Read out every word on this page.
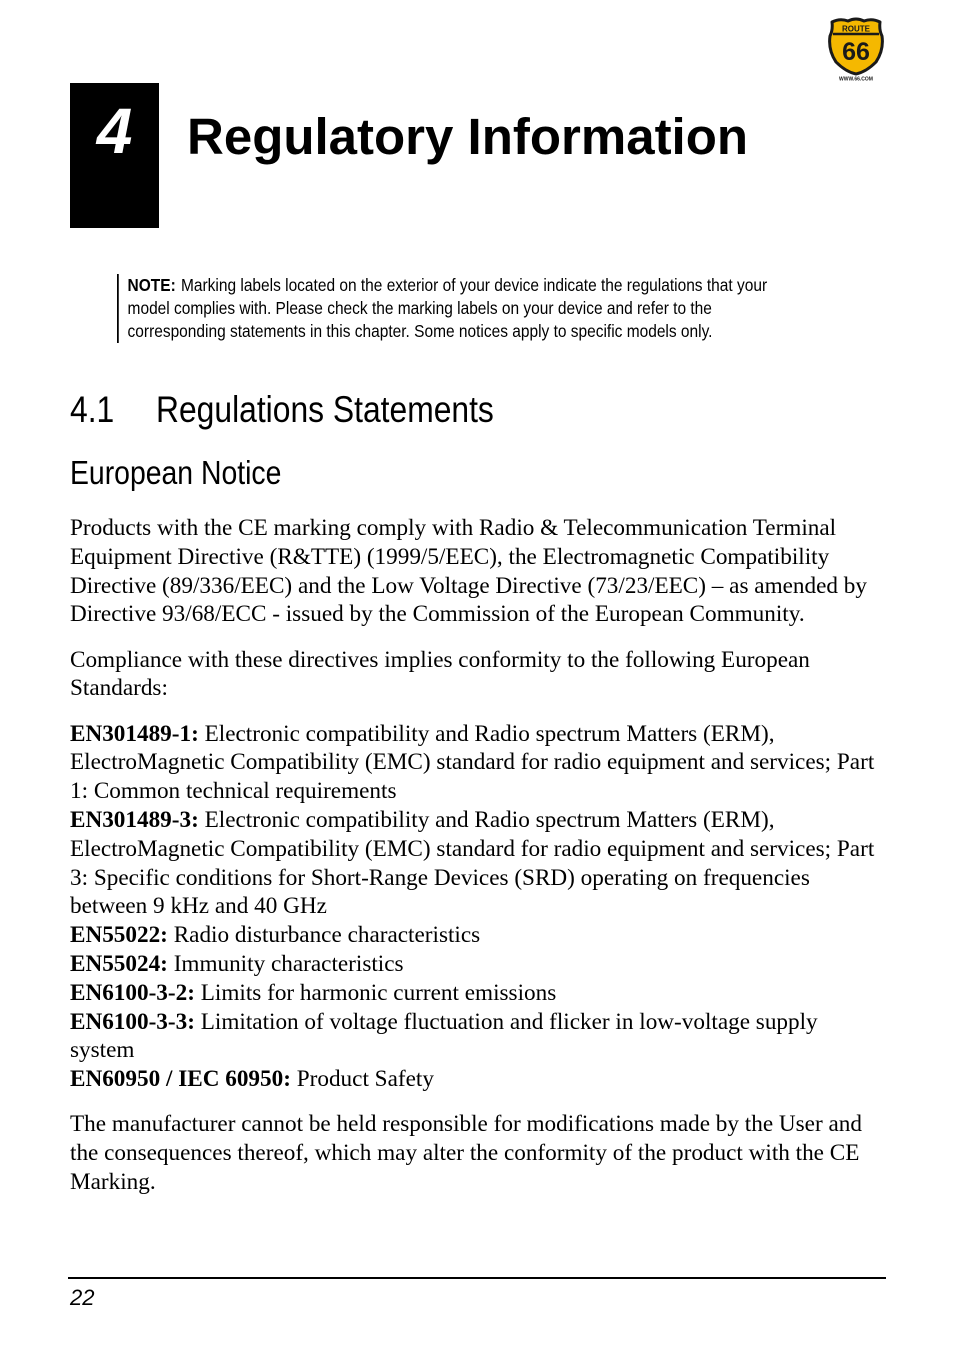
ROUTE
66
WWW.66.COM
4	Regulatory Information
NOTE: Marking labels located on the exterior of your device indicate the regulations that your model complies with. Please check the marking labels on your device and refer to the corresponding statements in this chapter. Some notices apply to specific models only.
4.1 Regulations Statements
European Notice

Products with the CE marking comply with Radio & Telecommunication Terminal Equipment Directive (R&TTE) (1999/5/EEC), the Electromagnetic Compatibility Directive (89/336/EEC) and the Low Voltage Directive (73/23/EEC) – as amended by Directive 93/68/ECC - issued by the Commission of the European Community.

Compliance with these directives implies conformity to the following European Standards:

EN301489-1: Electronic compatibility and Radio spectrum Matters (ERM), ElectroMagnetic Compatibility (EMC) standard for radio equipment and services; Part 1: Common technical requirements
EN301489-3: Electronic compatibility and Radio spectrum Matters (ERM), ElectroMagnetic Compatibility (EMC) standard for radio equipment and services; Part 3: Specific conditions for Short-Range Devices (SRD) operating on frequencies between 9 kHz and 40 GHz
EN55022: Radio disturbance characteristics
EN55024: Immunity characteristics
EN6100-3-2: Limits for harmonic current emissions
EN6100-3-3: Limitation of voltage fluctuation and flicker in low-voltage supply system
EN60950 / IEC 60950: Product Safety

The manufacturer cannot be held responsible for modifications made by the User and the consequences thereof, which may alter the conformity of the product with the CE Marking.

22
